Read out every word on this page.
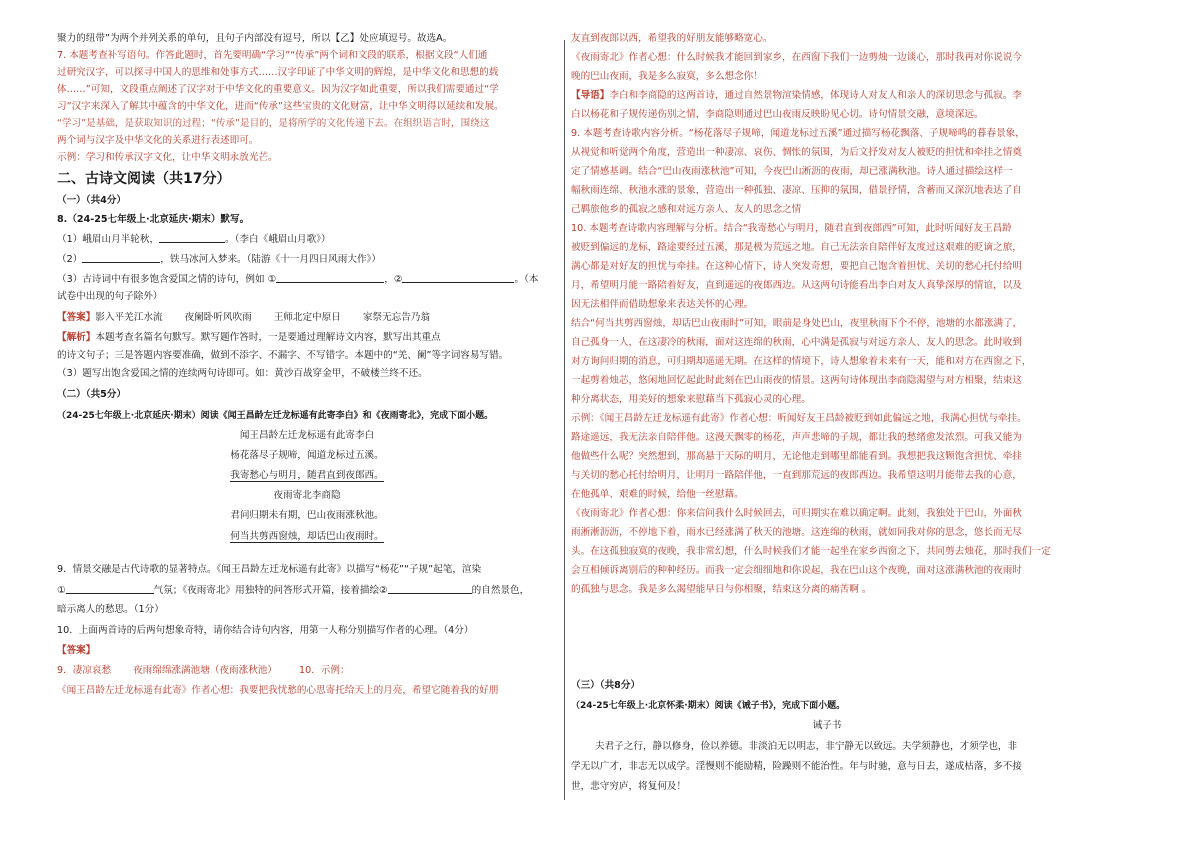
聚力的纽带”为两个并列关系的单句，且句子内部没有逗号，所以【乙】处应填逗号。故选A。
7. 本题考查补写语句。作答此题时，首先要明确“学习”“传承”两个词和文段的联系，根据文段“人们通
过研究汉字，可以探寻中国人的思维和处事方式……汉字印证了中华文明的辉煌，是中华文化和思想的载
体……”可知，文段重点阐述了汉字对于中华文化的重要意义。因为汉字如此重要，所以我们需要通过“学
习”汉字来深入了解其中蕴含的中华文化，进而“传承”这些宝贵的文化财富，让中华文明得以延续和发展。
“学习”是基础，是获取知识的过程；“传承”是目的，是将所学的文化传递下去。在组织语言时，围绕这
两个词与汉字及中华文化的关系进行表述即可。
示例：学习和传承汉字文化，让中华文明永放光芒。
二、古诗文阅读（共17分）
（一）（共4分）
8.（24-25七年级上·北京延庆·期末）默写。
（1）峨眉山月半轮秋，	。（李白《峨眉山月歌》）
（2）	，铁马冰河入梦来。（陆游《十一月四日风雨大作》）
（3）古诗词中有很多饱含爱国之情的诗句，例如 ①	，②	。（本
试卷中出现的句子除外）
【答案】影入平羌江水流 夜阑卧听风吹雨 王师北定中原日 家祭无忘告乃翁
【解析】本题考查名篇名句默写。默写题作答时，一是要通过理解诗文内容，默写出其重点
的诗文句子；三是答题内容要准确，做到不添字、不漏字、不写错字。本题中的“羌、阑”等字词容易写错。
（3）题写出饱含爱国之情的连续两句诗即可。如：黄沙百战穿金甲，不破楼兰终不还。
（二）（共5分）
（24-25七年级上·北京延庆·期末）阅读《闻王昌龄左迁龙标遥有此寄李白》和《夜雨寄北》，完成下面小题。
闻王昌龄左迁龙标遥有此寄李白
杨花落尽子规啼，闻道龙标过五溪。
我寄愁心与明月，随君直到夜郎西。
夜雨寄北李商隐
君问归期未有期，巴山夜雨涨秋池。
何当共剪西窗烛，却话巴山夜雨时。
9．情景交融是古代诗歌的显著特点。《闻王昌龄左迁龙标遥有此寄》以描写“杨花”“子规”起笔，渲染
①	气氛；《夜雨寄北》用独特的问答形式开篇，接着描绘②	的自然景色，
暗示离人的愁思。（1分）
10．上面两首诗的后两句想象奇特，请你结合诗句内容，用第一人称分别描写作者的心理。（4分）
【答案】
9．凄凉哀愁 夜雨绵绵涨满池塘（夜雨涨秋池） 10．示例：
《闻王昌龄左迁龙标遥有此寄》作者心想：我要把我忧愁的心思寄托给天上的月亮，希望它随着我的好朋
友直到夜郎以西，希望我的好朋友能够略宽心。
《夜雨寄北》作者心想：什么时候我才能回到家乡，在西窗下我们一边剪烛一边谈心，那时我再对你说说今
晚的巴山夜雨，我是多么寂寞，多么想念你！
【导语】李白和李商隐的这两首诗，通过自然景物渲染情感，体现诗人对友人和亲人的深切思念与孤寂。李
白以杨花和子规传递伤别之情，李商隐则通过巴山夜雨反映盼见心切。诗句情景交融，意境深远。
9. 本题考查诗歌内容分析。“杨花落尽子规啼，闻道龙标过五溪”通过描写杨花飘落、子规啼鸣的暮春景象，
从视觉和听觉两个角度，营造出一种凄凉、哀伤、惆怅的氛围，为后文抒发对友人被贬的担忧和牵挂之情奠
定了情感基调。结合“巴山夜雨涨秋池”可知，今夜巴山淅沥的夜雨，却已涨满秋池。诗人通过描绘这样一
幅秋雨连绵、秋池水涨的景象，营造出一种孤独、凄凉、压抑的氛围，借景抒情，含蓄而又深沉地表达了自
己羁旅他乡的孤寂之感和对远方亲人、友人的思念之情
10. 本题考查诗歌内容理解与分析。结合“我寄愁心与明月，随君直到夜郎西”可知，此时听闻好友王昌龄
被贬到偏远的龙标，路途要经过五溪，那是极为荒远之地。自己无法亲自陪伴好友度过这艰难的贬谪之旅，
满心都是对好友的担忧与牵挂。在这种心情下，诗人突发奇想，要把自己饱含着担忧、关切的愁心托付给明
月，希望明月能一路陪着好友，直到遥远的夜郎西边。从这两句诗能看出李白对友人真挚深厚的情谊，以及
因无法相伴而借助想象来表达关怀的心理。
结合“何当共剪西窗烛，却话巴山夜雨时”可知，眼前是身处巴山，夜里秋雨下个不停，池塘的水都涨满了，
自己孤身一人，在这凄冷的秋雨，面对这连绵的秋雨，心中满是孤寂与对远方亲人、友人的思念。此时收到
对方询问归期的消息，可归期却遥遥无期。在这样的情境下，诗人想象着未来有一天，能和对方在西窗之下，
一起剪着烛芯，悠闲地回忆起此时此刻在巴山雨夜的情景。这两句诗体现出李商隐渴望与对方相聚，结束这
种分离状态，用美好的想象来慰藉当下孤寂心灵的心理。
示例：《闻王昌龄左迁龙标遥有此寄》作者心想：听闻好友王昌龄被贬到如此偏远之地，我满心担忧与牵挂。
路途遥远，我无法亲自陪伴他。这漫天飘零的杨花，声声悲啼的子规，都让我的愁绪愈发浓烈。可我又能为
他做些什么呢？突然想到，那高悬于天际的明月，无论他走到哪里都能看到。我想把我这颗饱含担忧、牵挂
与关切的愁心托付给明月，让明月一路陪伴他，一直到那荒远的夜郎西边。我希望这明月能带去我的心意，
在他孤单、艰难的时候，给他一丝慰藉。
《夜雨寄北》作者心想：你来信问我什么时候回去，可归期实在难以确定啊。此刻，我独处于巴山，外面秋
雨淅淅沥沥，不停地下着，雨水已经涨满了秋天的池塘。这连绵的秋雨，就如同我对你的思念，悠长而无尽
头。在这孤独寂寞的夜晚，我非常幻想，什么时候我们才能一起坐在家乡西窗之下，共同剪去烛花，那时我们一定
会互相倾诉离别后的种种经历。而我一定会细细地和你说起，我在巴山这个夜晚，面对这涨满秋池的夜雨时
的孤独与思念。我是多么渴望能早日与你相聚，结束这分离的痛苦啊 。
（三）（共8分）
（24-25七年级上·北京怀柔·期末）阅读《诫子书》，完成下面小题。
诫子书
夫君子之行，静以修身，俭以养德。非淡泊无以明志，非宁静无以致远。夫学须静也，才须学也，非
学无以广才，非志无以成学。淫慢则不能励精，险躁则不能治性。年与时驰，意与日去，遂成枯落，多不接
世，悲守穷庐，将复何及！
